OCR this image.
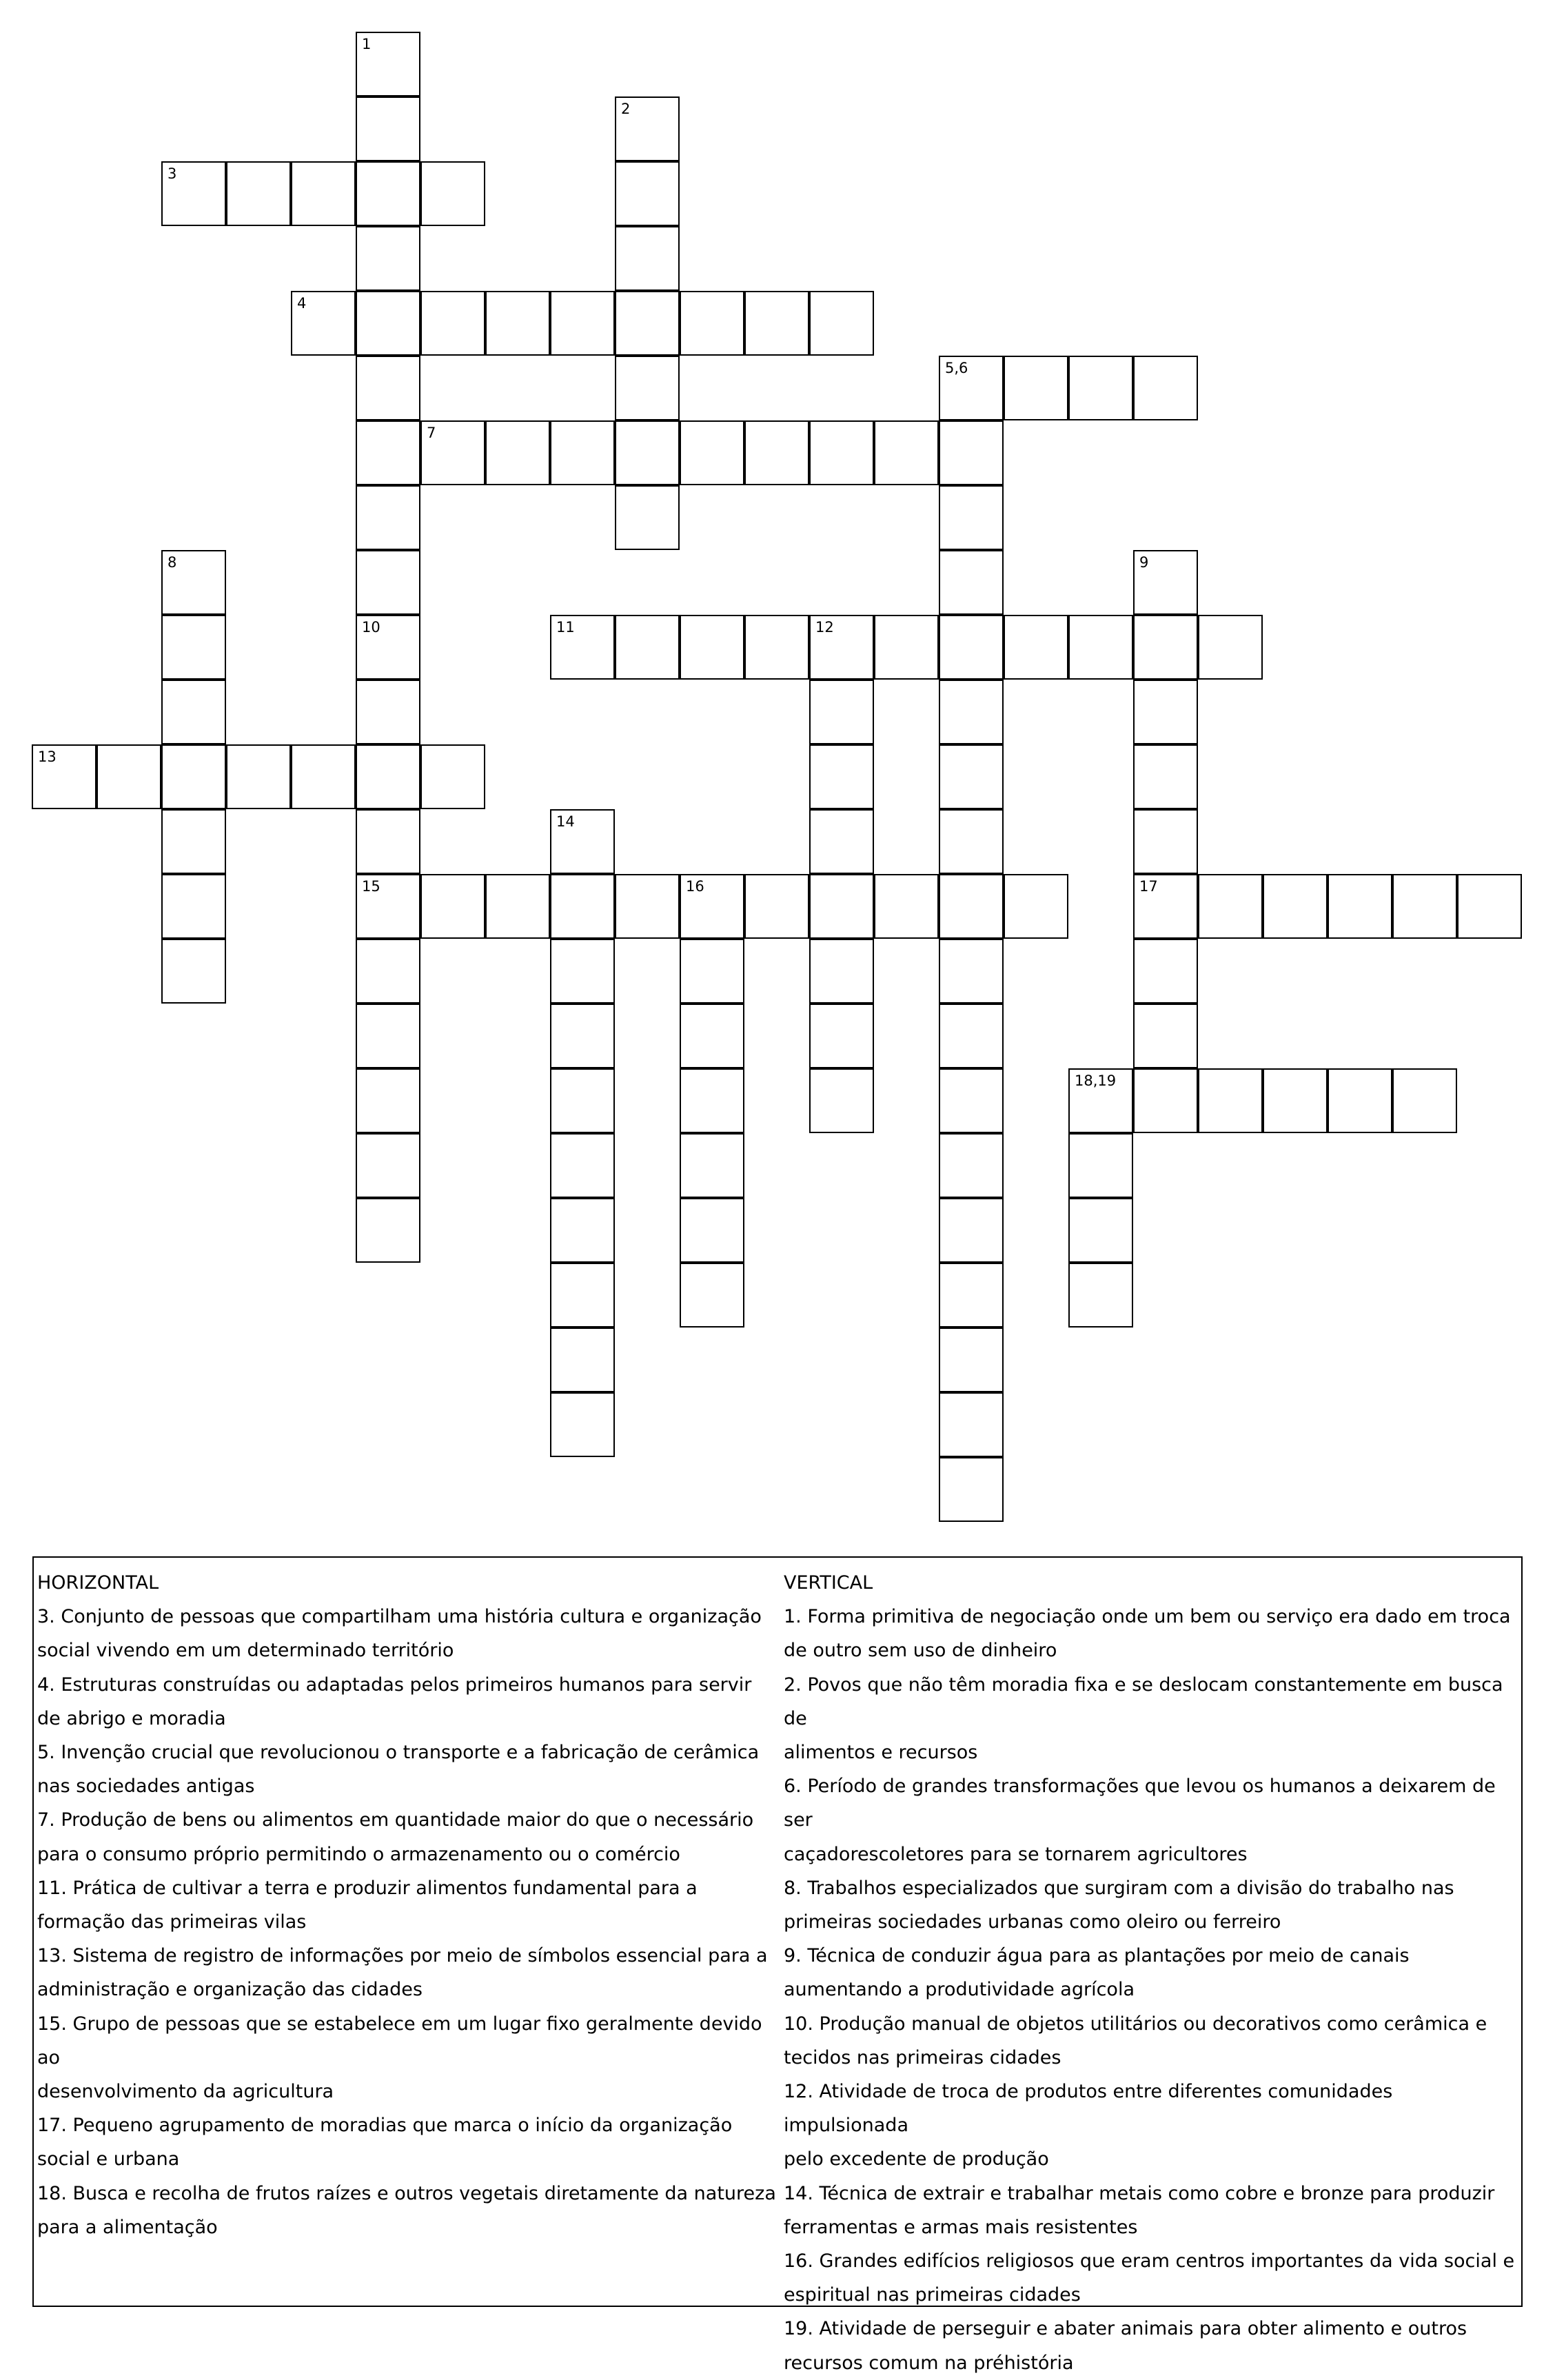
1
2
3
4
5,6
7
8	9
17
10
15
11	12
13
14
16
18,19

HORIZONTAL

3. Conjunto de pessoas que compartilham uma história cultura e organização
social vivendo em um determinado território

4. Estruturas construídas ou adaptadas pelos primeiros humanos para servir
de abrigo e moradia

5. Invenção crucial que revolucionou o transporte e a fabricação de cerâmica
nas sociedades antigas

7. Produção de bens ou alimentos em quantidade maior do que o necessário
para o consumo próprio permitindo o armazenamento ou o comércio

11. Prática de cultivar a terra e produzir alimentos fundamental para a
formação das primeiras vilas

13. Sistema de registro de informações por meio de símbolos essencial para a
administração e organização das cidades

15. Grupo de pessoas que se estabelece em um lugar fixo geralmente devido ao
desenvolvimento da agricultura

17. Pequeno agrupamento de moradias que marca o início da organização
social e urbana

18. Busca e recolha de frutos raízes e outros vegetais diretamente da natureza
para a alimentação

VERTICAL

1. Forma primitiva de negociação onde um bem ou serviço era dado em troca
de outro sem uso de dinheiro

2. Povos que não têm moradia fixa e se deslocam constantemente em busca de
alimentos e recursos

6. Período de grandes transformações que levou os humanos a deixarem de ser
caçadorescoletores para se tornarem agricultores

8. Trabalhos especializados que surgiram com a divisão do trabalho nas
primeiras sociedades urbanas como oleiro ou ferreiro

9. Técnica de conduzir água para as plantações por meio de canais
aumentando a produtividade agrícola

10. Produção manual de objetos utilitários ou decorativos como cerâmica e
tecidos nas primeiras cidades

12. Atividade de troca de produtos entre diferentes comunidades impulsionada
pelo excedente de produção

14. Técnica de extrair e trabalhar metais como cobre e bronze para produzir
ferramentas e armas mais resistentes

16. Grandes edifícios religiosos que eram centros importantes da vida social e
espiritual nas primeiras cidades

19. Atividade de perseguir e abater animais para obter alimento e outros
recursos comum na préhistória
